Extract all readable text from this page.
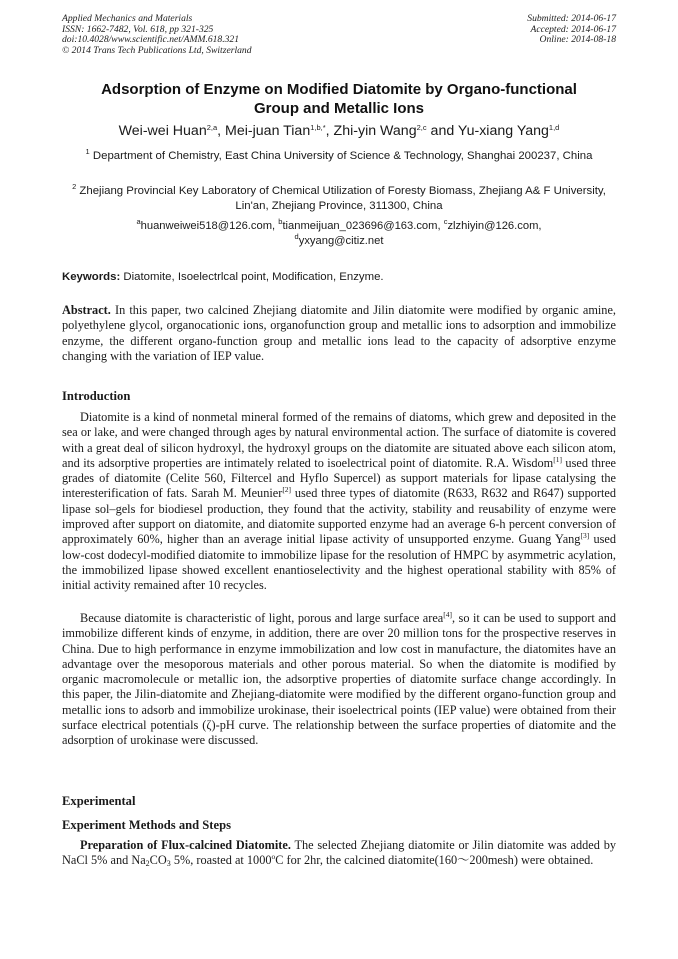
Applied Mechanics and Materials
ISSN: 1662-7482, Vol. 618, pp 321-325
doi:10.4028/www.scientific.net/AMM.618.321
© 2014 Trans Tech Publications Ltd, Switzerland
Submitted: 2014-06-17
Accepted: 2014-06-17
Online: 2014-08-18
Adsorption of Enzyme on Modified Diatomite by Organo-functional
Group and Metallic Ions
Wei-wei Huan$^{2,a}$, Mei-juan Tian$^{1,b,*}$, Zhi-yin Wang$^{2,c}$ and Yu-xiang Yang$^{1,d}$
$^1$ Department of Chemistry, East China University of Science & Technology, Shanghai 200237, China
$^2$ Zhejiang Provincial Key Laboratory of Chemical Utilization of Foresty Biomass, Zhejiang A& F University, Lin'an, Zhejiang Province, 311300, China
$^a$huanweiwei518@126.com, $^b$tianmeijuan_023696@163.com, $^c$zlzhiyin@126.com,
$^d$yxyang@citiz.net
Keywords: Diatomite, Isoelectrlcal point, Modification, Enzyme.
Abstract. In this paper, two calcined Zhejiang diatomite and Jilin diatomite were modified by organic amine, polyethylene glycol, organocationic ions, organofunction group and metallic ions to adsorption and immobilize enzyme, the different organo-function group and metallic ions lead to the capacity of adsorptive enzyme changing with the variation of IEP value.
Introduction
Diatomite is a kind of nonmetal mineral formed of the remains of diatoms, which grew and deposited in the sea or lake, and were changed through ages by natural environmental action. The surface of diatomite is covered with a great deal of silicon hydroxyl, the hydroxyl groups on the diatomite are situated above each silicon atom, and its adsorptive properties are intimately related to isoelectrical point of diatomite. R.A. Wisdom[1] used three grades of diatomite (Celite 560, Filtercel and Hyflo Supercel) as support materials for lipase catalysing the interesterification of fats. Sarah M. Meunier[2] used three types of diatomite (R633, R632 and R647) supported lipase sol–gels for biodiesel production, they found that the activity, stability and reusability of enzyme were improved after support on diatomite, and diatomite supported enzyme had an average 6-h percent conversion of approximately 60%, higher than an average initial lipase activity of unsupported enzyme. Guang Yang[3] used low-cost dodecyl-modified diatomite to immobilize lipase for the resolution of HMPC by asymmetric acylation, the immobilized lipase showed excellent enantioselectivity and the highest operational stability with 85% of initial activity remained after 10 recycles.
Because diatomite is characteristic of light, porous and large surface area[4], so it can be used to support and immobilize different kinds of enzyme, in addition, there are over 20 million tons for the prospective reserves in China. Due to high performance in enzyme immobilization and low cost in manufacture, the diatomites have an advantage over the mesoporous materials and other porous material. So when the diatomite is modified by organic macromolecule or metallic ion, the adsorptive properties of diatomite surface change accordingly. In this paper, the Jilin-diatomite and Zhejiang-diatomite were modified by the different organo-function group and metallic ions to adsorb and immobilize urokinase, their isoelectrical points (IEP value) were obtained from their surface electrical potentials (ζ)-pH curve. The relationship between the surface properties of diatomite and the adsorption of urokinase were discussed.
Experimental
Experiment Methods and Steps
Preparation of Flux-calcined Diatomite. The selected Zhejiang diatomite or Jilin diatomite was added by NaCl 5% and $Na_2CO_3$ 5%, roasted at 1000$^o$C for 2hr, the calcined diatomite(160～200mesh) were obtained.
